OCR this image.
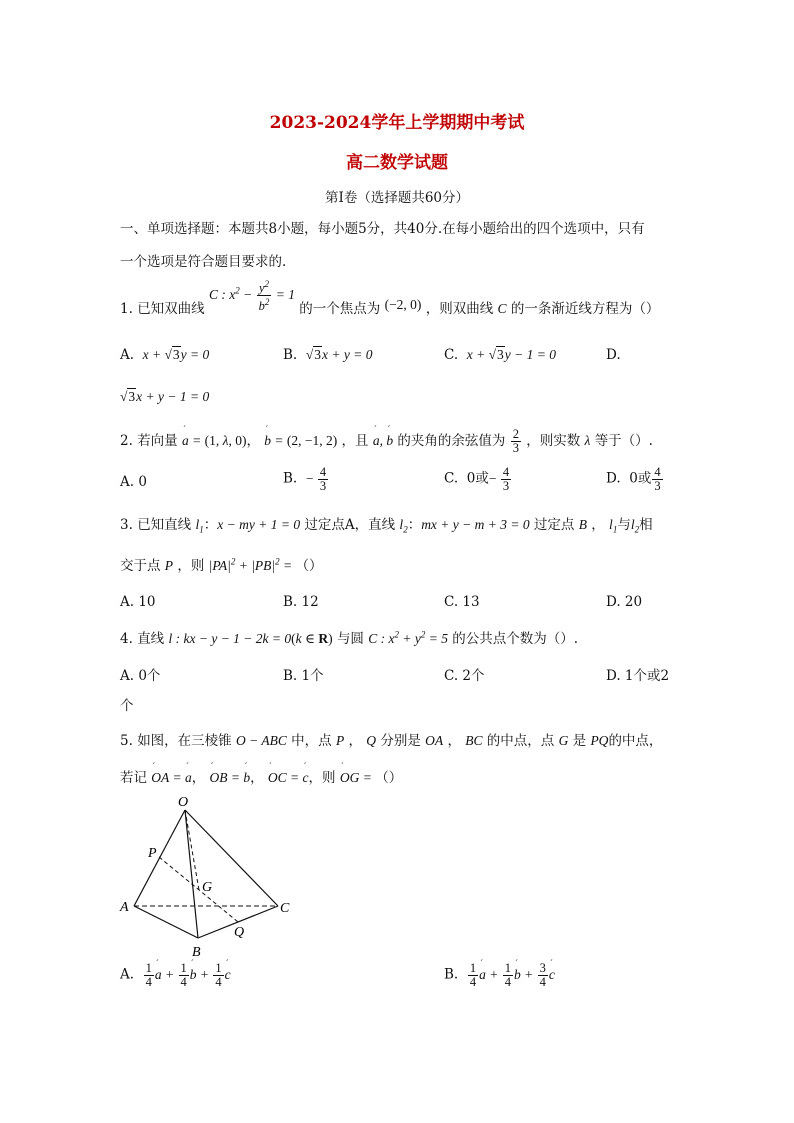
2023-2024学年上学期期中考试
高二数学试题
第Ⅰ卷（选择题共60分）
一、单项选择题：本题共8小题，每小题5分，共40分.在每小题给出的四个选项中，只有
一个选项是符合题目要求的.
1. 已知双曲线 C : $x^2 - \frac{y^2}{b^2} = 1$ 的一个焦点为 (−2, 0) ，则双曲线 C 的一条渐近线方程为（）
A. x + √3y = 0	B. √3x + y = 0	C. x + √3y − 1 = 0	D.
√3x + y − 1 = 0
2. 若向量 ´ a = (1, λ, 0)， ´ b = (2, −1, 2) ，且 ´ a, ´ b 的夹角的余弦值为 $\frac{2}{3}$ ，则实数 λ 等于（）.
A. 0	B. − $\frac{4}{3}$	C. 0或− $\frac{4}{3}$	D. 0或 $\frac{4}{3}$
3. 已知直线 $l_1$：x − my + 1 = 0 过定点A，直线 $l_2$：mx + y − m + 3 = 0 过定点 B ， $l_1$与$l_2$相
交于点 P ，则 $|PA|^2 + |PB|^2$ = （）
A. 10	B. 12	C. 13	D. 20
4. 直线 l : kx − y − 1 − 2k = 0(k ∈ R) 与圆 C : $x^2 + y^2 = 5$ 的公共点个数为（）.
A. 0个	B. 1个	C. 2个	D. 1个或2
个
5. 如图，在三棱锥 O − ABC 中，点 P ， Q 分别是 OA ， BC 的中点，点 G 是 PQ的中点，
若记 ´ OA = ´ a， ´ OB = ´ b， ´ OC = ´ c，则 ´ OG = （）
O
P
G
A	C
Q
B
A. $\frac{1}{4}$ ´ $a + \frac{1}{4}$ ´ $b + \frac{1}{4}$ ´ c	B. $\frac{1}{4}$ ´ $a + \frac{1}{4}$ ´ $b + \frac{3}{4}$ ´ c
